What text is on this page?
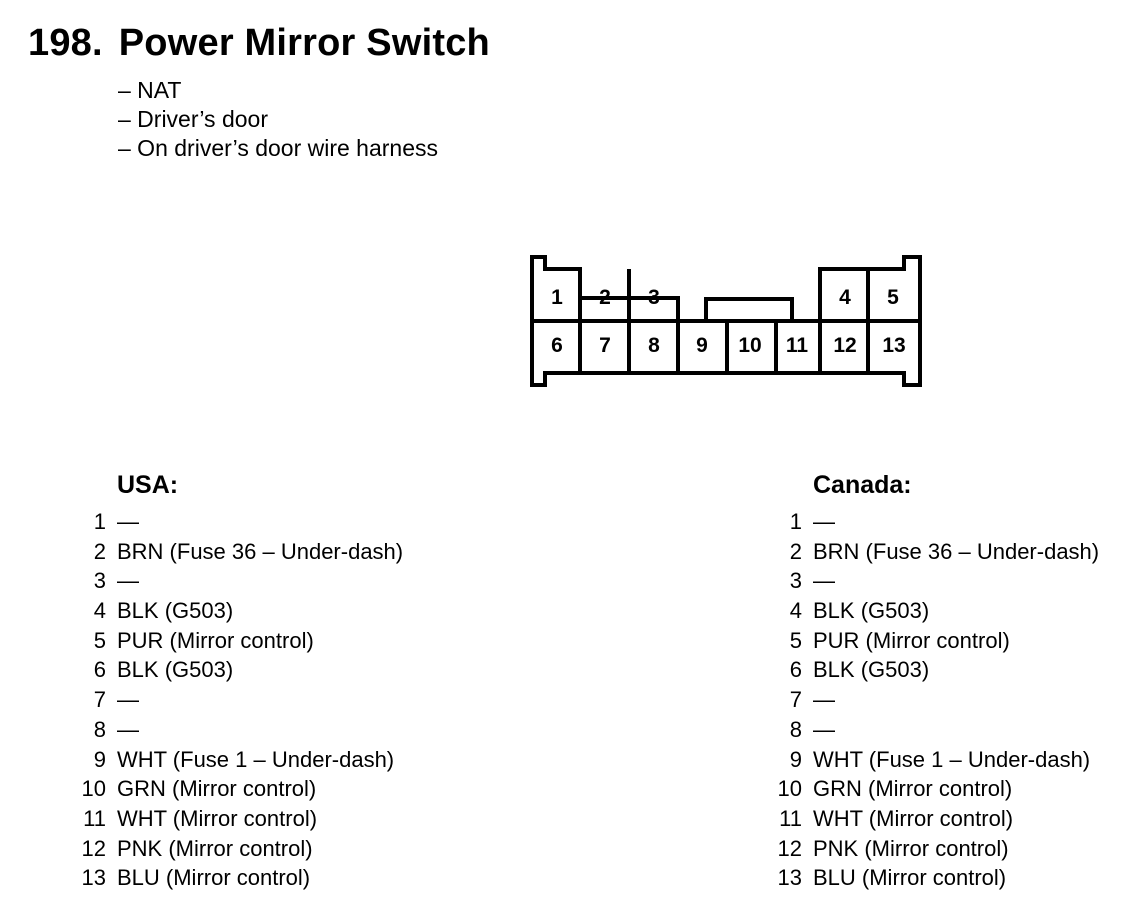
198. Power Mirror Switch
– NAT
– Driver’s door
– On driver’s door wire harness
1 2 3	4 5
6 7 8 9 10 11 12 13
USA:
1 —
2 BRN (Fuse 36 – Under-dash)
3 —
4 BLK (G503)
5 PUR (Mirror control)
6 BLK (G503)
7 —
8 —
9 WHT (Fuse 1 – Under-dash)
10 GRN (Mirror control)
11 WHT (Mirror control)
12 PNK (Mirror control)
13 BLU (Mirror control)
Canada:
1 —
2 BRN (Fuse 36 – Under-dash)
3 —
4 BLK (G503)
5 PUR (Mirror control)
6 BLK (G503)
7 —
8 —
9 WHT (Fuse 1 – Under-dash)
10 GRN (Mirror control)
11 WHT (Mirror control)
12 PNK (Mirror control)
13 BLU (Mirror control)
